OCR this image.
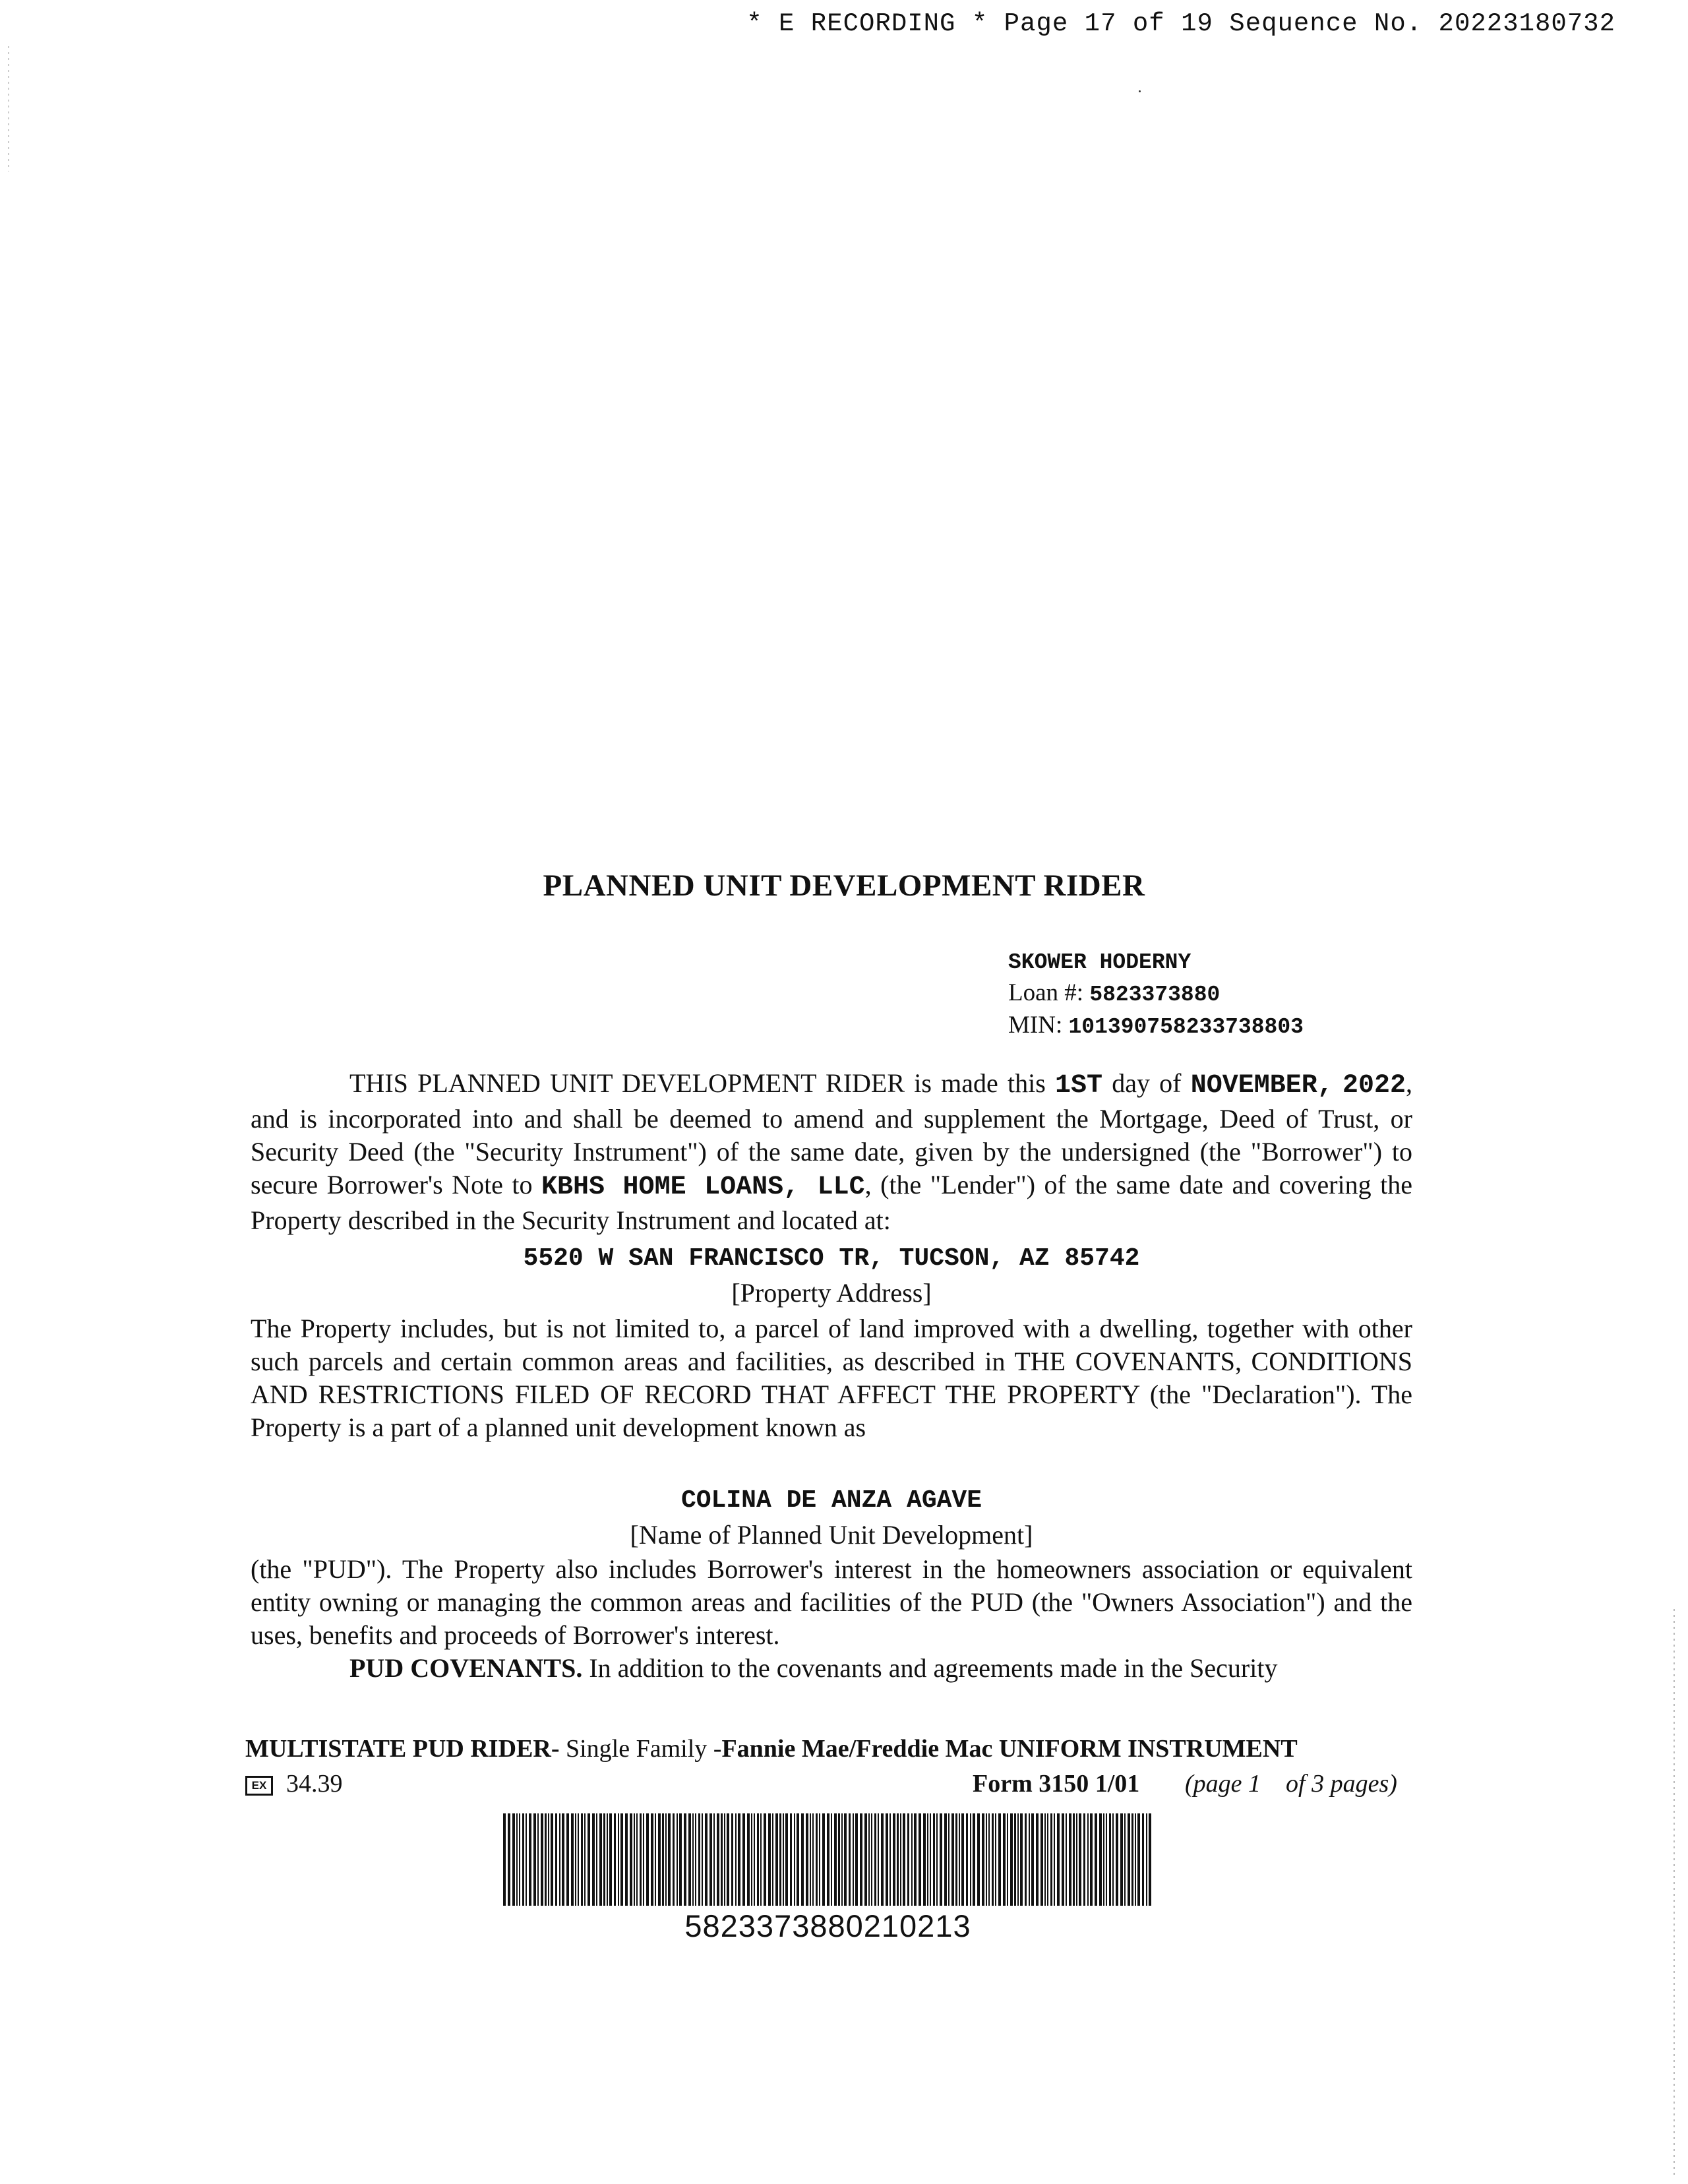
* E RECORDING * Page 17 of 19 Sequence No. 20223180732
PLANNED UNIT DEVELOPMENT RIDER
SKOWER HODERNY
Loan #: 5823373880
MIN: 101390758233738803
THIS PLANNED UNIT DEVELOPMENT RIDER is made this 1ST day of NOVEMBER, 2022, and is incorporated into and shall be deemed to amend and supplement the Mortgage, Deed of Trust, or Security Deed (the "Security Instrument") of the same date, given by the undersigned (the "Borrower") to secure Borrower's Note to KBHS HOME LOANS, LLC, (the "Lender") of the same date and covering the Property described in the Security Instrument and located at:
5520 W SAN FRANCISCO TR, TUCSON, AZ 85742
[Property Address]
The Property includes, but is not limited to, a parcel of land improved with a dwelling, together with other such parcels and certain common areas and facilities, as described in THE COVENANTS, CONDITIONS AND RESTRICTIONS FILED OF RECORD THAT AFFECT THE PROPERTY (the "Declaration"). The Property is a part of a planned unit development known as
COLINA DE ANZA AGAVE
[Name of Planned Unit Development]
(the "PUD"). The Property also includes Borrower's interest in the homeowners association or equivalent entity owning or managing the common areas and facilities of the PUD (the "Owners Association") and the uses, benefits and proceeds of Borrower's interest.
PUD COVENANTS. In addition to the covenants and agreements made in the Security
MULTISTATE PUD RIDER- Single Family -Fannie Mae/Freddie Mac UNIFORM INSTRUMENT
EX 34.39	Form 3150 1/01 (page 1    of 3 pages)
5823373880210213
